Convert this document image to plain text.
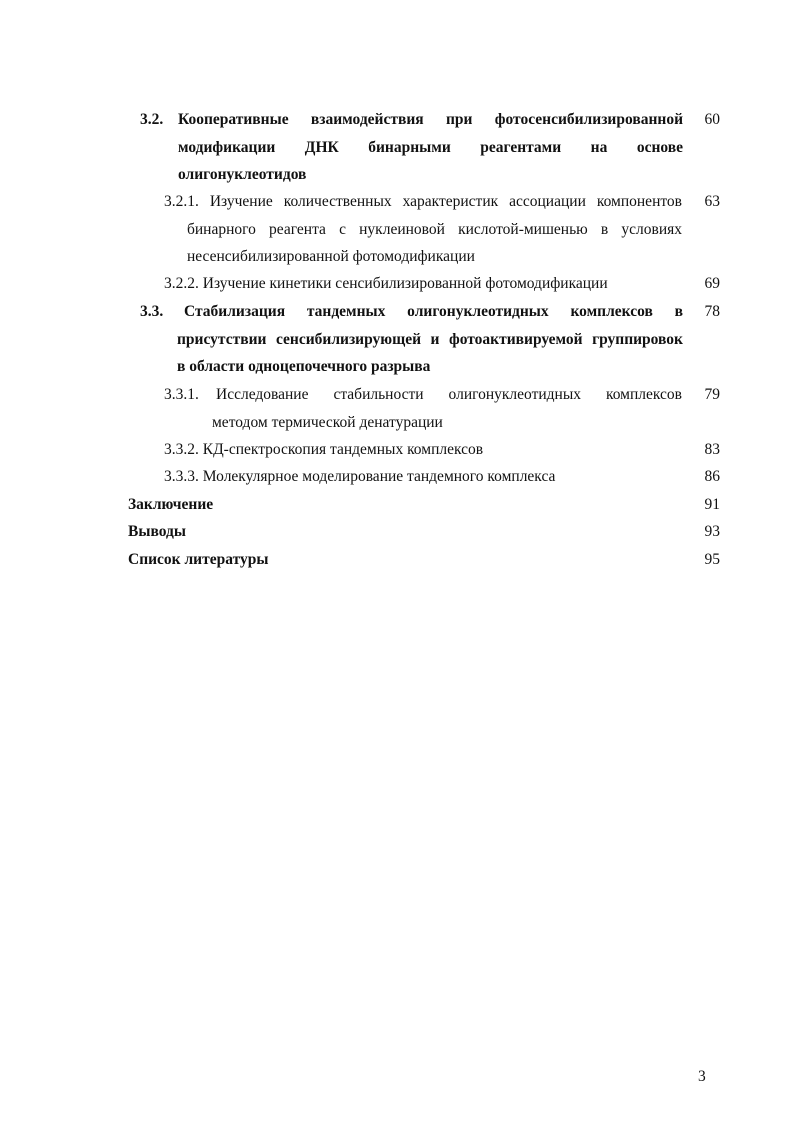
3.2. Кооперативные взаимодействия при фотосенсибилизированной
модификации ДНК бинарными реагентами на основе
олигонуклеотидов
60
3.2.1. Изучение количественных характеристик ассоциации компонентов
бинарного реагента с нуклеиновой кислотой-мишенью в условиях
несенсибилизированной фотомодификации
63
3.2.2. Изучение кинетики сенсибилизированной фотомодификации	69
3.3. Стабилизация тандемных олигонуклеотидных комплексов в
присутствии сенсибилизирующей и фотоактивируемой группировок
в области одноцепочечного разрыва
78
3.3.1. Исследование стабильности олигонуклеотидных комплексов
методом термической денатурации
79
3.3.2. КД-спектроскопия тандемных комплексов	83
3.3.3. Молекулярное моделирование тандемного комплекса	86
Заключение	91
Выводы	93
Список литературы	95
3
